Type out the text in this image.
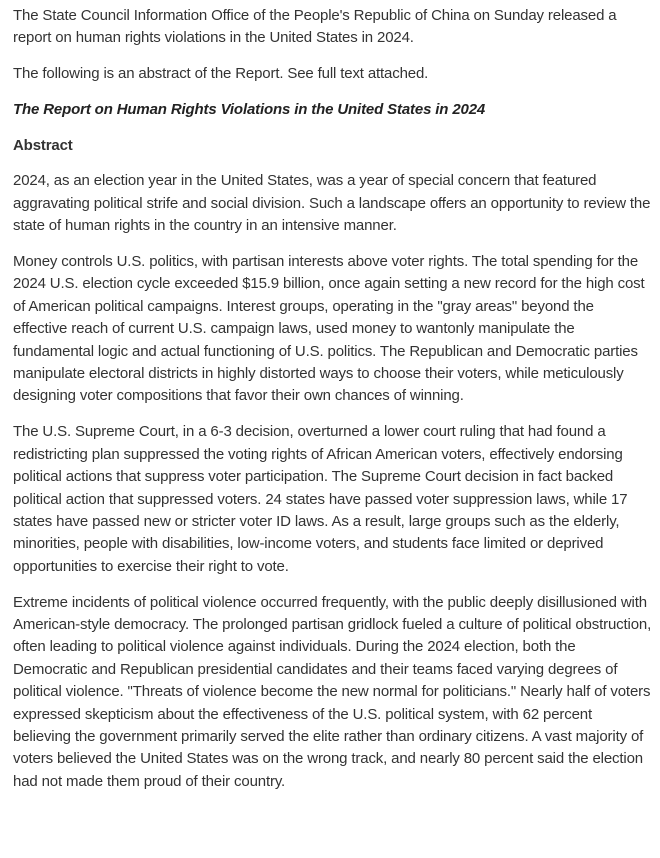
The State Council Information Office of the People's Republic of China on Sunday released a report on human rights violations in the United States in 2024.

The following is an abstract of the Report. See full text attached.

The Report on Human Rights Violations in the United States in 2024

Abstract

2024, as an election year in the United States, was a year of special concern that featured aggravating political strife and social division. Such a landscape offers an opportunity to review the state of human rights in the country in an intensive manner.

Money controls U.S. politics, with partisan interests above voter rights. The total spending for the 2024 U.S. election cycle exceeded $15.9 billion, once again setting a new record for the high cost of American political campaigns. Interest groups, operating in the "gray areas" beyond the effective reach of current U.S. campaign laws, used money to wantonly manipulate the fundamental logic and actual functioning of U.S. politics. The Republican and Democratic parties manipulate electoral districts in highly distorted ways to choose their voters, while meticulously designing voter compositions that favor their own chances of winning.

The U.S. Supreme Court, in a 6-3 decision, overturned a lower court ruling that had found a redistricting plan suppressed the voting rights of African American voters, effectively endorsing political actions that suppress voter participation. The Supreme Court decision in fact backed political action that suppressed voters. 24 states have passed voter suppression laws, while 17 states have passed new or stricter voter ID laws. As a result, large groups such as the elderly, minorities, people with disabilities, low-income voters, and students face limited or deprived opportunities to exercise their right to vote.

Extreme incidents of political violence occurred frequently, with the public deeply disillusioned with American-style democracy. The prolonged partisan gridlock fueled a culture of political obstruction, often leading to political violence against individuals. During the 2024 election, both the Democratic and Republican presidential candidates and their teams faced varying degrees of political violence. "Threats of violence become the new normal for politicians." Nearly half of voters expressed skepticism about the effectiveness of the U.S. political system, with 62 percent believing the government primarily served the elite rather than ordinary citizens. A vast majority of voters believed the United States was on the wrong track, and nearly 80 percent said the election had not made them proud of their country.
